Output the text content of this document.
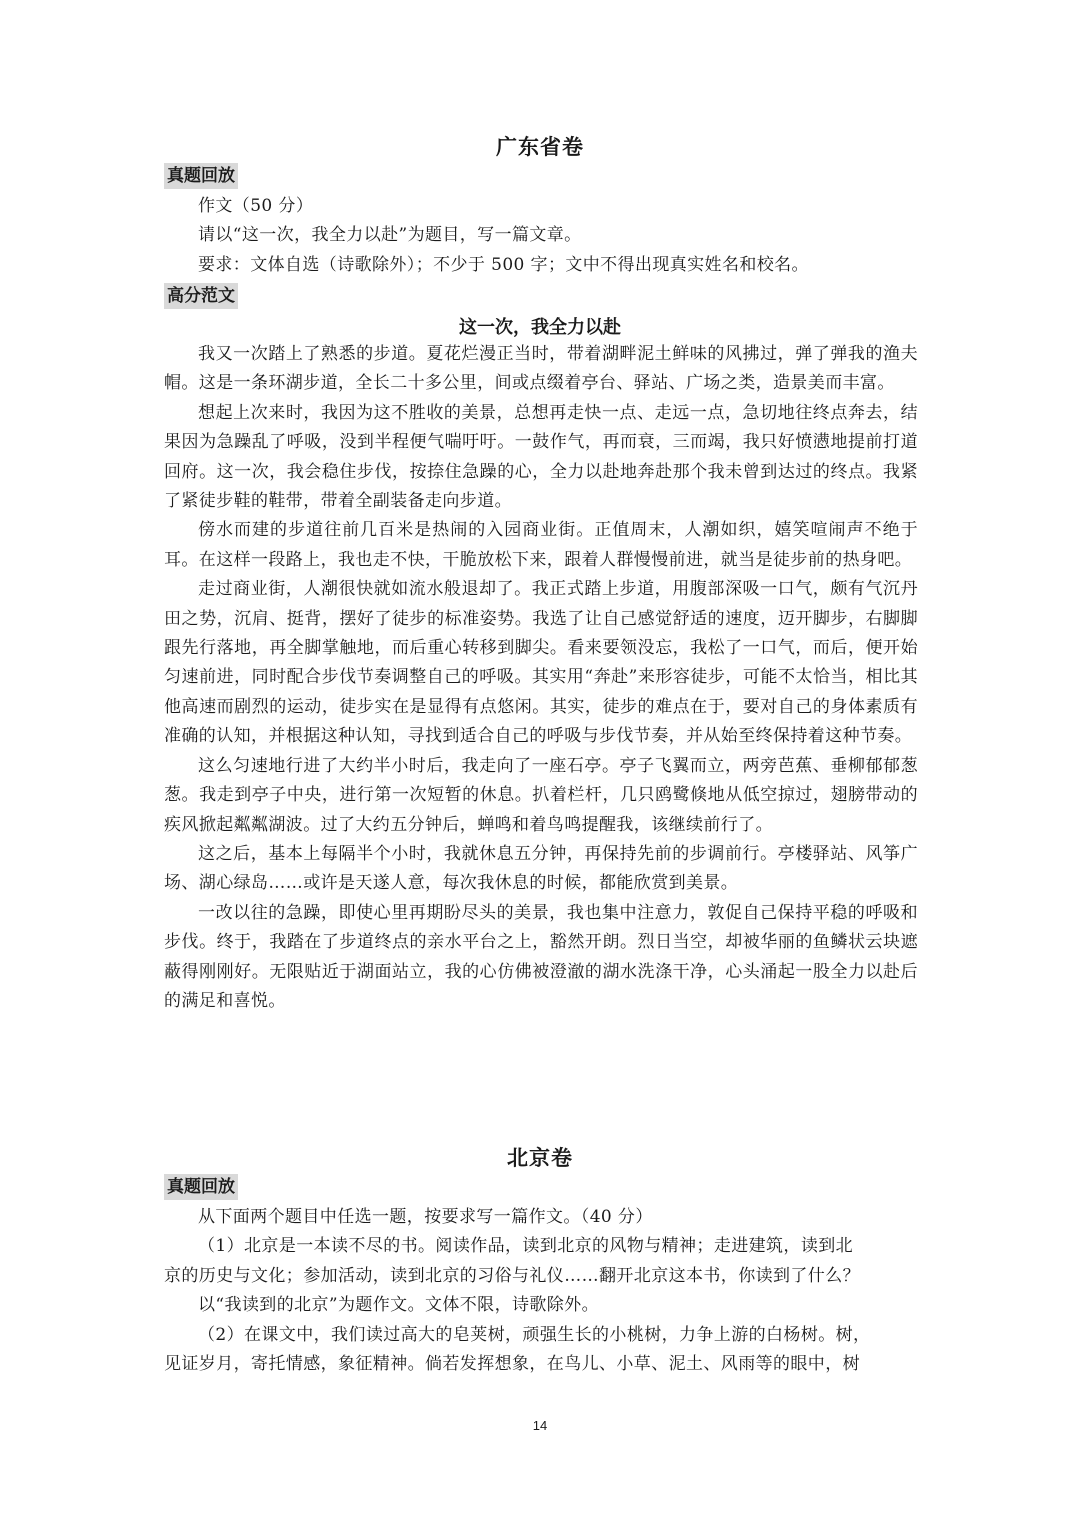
广东省卷
真题回放

作文（50 分）

请以“这一次，我全力以赴”为题目，写一篇文章。

要求：文体自选（诗歌除外）；不少于 500 字；文中不得出现真实姓名和校名。

高分范文
这一次，我全力以赴

我又一次踏上了熟悉的步道。夏花烂漫正当时，带着湖畔泥土鲜味的风拂过，弹了弹我的渔夫帽。这是一条环湖步道，全长二十多公里，间或点缀着亭台、驿站、广场之类，造景美而丰富。

想起上次来时，我因为这不胜收的美景，总想再走快一点、走远一点，急切地往终点奔去，结果因为急躁乱了呼吸，没到半程便气喘吁吁。一鼓作气，再而衰，三而竭，我只好愤懑地提前打道回府。这一次，我会稳住步伐，按捺住急躁的心，全力以赴地奔赴那个我未曾到达过的终点。我紧了紧徒步鞋的鞋带，带着全副装备走向步道。

傍水而建的步道往前几百米是热闹的入园商业街。正值周末，人潮如织，嬉笑喧闹声不绝于耳。在这样一段路上，我也走不快，干脆放松下来，跟着人群慢慢前进，就当是徒步前的热身吧。

走过商业街，人潮很快就如流水般退却了。我正式踏上步道，用腹部深吸一口气，颇有气沉丹田之势，沉肩、挺背，摆好了徒步的标准姿势。我选了让自己感觉舒适的速度，迈开脚步，右脚脚跟先行落地，再全脚掌触地，而后重心转移到脚尖。看来要领没忘，我松了一口气，而后，便开始匀速前进，同时配合步伐节奏调整自己的呼吸。其实用“奔赴”来形容徒步，可能不太恰当，相比其他高速而剧烈的运动，徒步实在是显得有点悠闲。其实，徒步的难点在于，要对自己的身体素质有准确的认知，并根据这种认知，寻找到适合自己的呼吸与步伐节奏，并从始至终保持着这种节奏。

这么匀速地行进了大约半小时后，我走向了一座石亭。亭子飞翼而立，两旁芭蕉、垂柳郁郁葱葱。我走到亭子中央，进行第一次短暂的休息。扒着栏杆，几只鸥鹭倏地从低空掠过，翅膀带动的疾风掀起粼粼湖波。过了大约五分钟后，蝉鸣和着鸟鸣提醒我，该继续前行了。

这之后，基本上每隔半个小时，我就休息五分钟，再保持先前的步调前行。亭楼驿站、风筝广场、湖心绿岛……或许是天遂人意，每次我休息的时候，都能欣赏到美景。

一改以往的急躁，即使心里再期盼尽头的美景，我也集中注意力，敦促自己保持平稳的呼吸和步伐。终于，我踏在了步道终点的亲水平台之上，豁然开朗。烈日当空，却被华丽的鱼鳞状云块遮蔽得刚刚好。无限贴近于湖面站立，我的心仿佛被澄澈的湖水洗涤干净，心头涌起一股全力以赴后的满足和喜悦。

北京卷
真题回放

从下面两个题目中任选一题，按要求写一篇作文。（40 分）

（1）北京是一本读不尽的书。阅读作品，读到北京的风物与精神；走进建筑，读到北

京的历史与文化；参加活动，读到北京的习俗与礼仪……翻开北京这本书，你读到了什么？

以“我读到的北京”为题作文。文体不限，诗歌除外。

（2）在课文中，我们读过高大的皂荚树，顽强生长的小桃树，力争上游的白杨树。树，

见证岁月，寄托情感，象征精神。倘若发挥想象，在鸟儿、小草、泥土、风雨等的眼中，树

14
